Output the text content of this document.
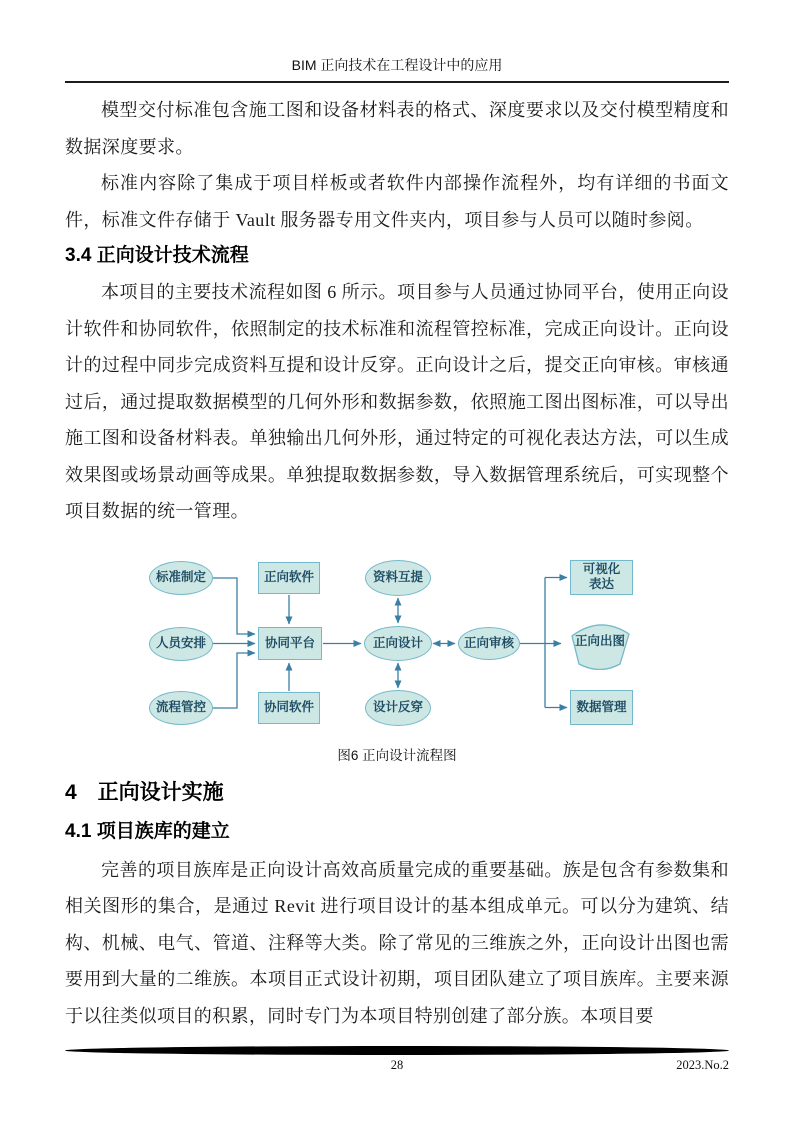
BIM 正向技术在工程设计中的应用

模型交付标准包含施工图和设备材料表的格式、深度要求以及交付模型精度和数据深度要求。

标准内容除了集成于项目样板或者软件内部操作流程外，均有详细的书面文件，标准文件存储于 Vault 服务器专用文件夹内，项目参与人员可以随时参阅。

3.4 正向设计技术流程

本项目的主要技术流程如图 6 所示。项目参与人员通过协同平台，使用正向设计软件和协同软件，依照制定的技术标准和流程管控标准，完成正向设计。正向设计的过程中同步完成资料互提和设计反穿。正向设计之后，提交正向审核。审核通过后，通过提取数据模型的几何外形和数据参数，依照施工图出图标准，可以导出施工图和设备材料表。单独输出几何外形，通过特定的可视化表达方法，可以生成效果图或场景动画等成果。单独提取数据参数，导入数据管理系统后，可实现整个项目数据的统一管理。

标准制定
人员安排
流程管控
正向软件
协同平台
协同软件
资料互提
正向设计
设计反穿
正向审核
可视化
表达
正向出图
数据管理
图6 正向设计流程图
4　正向设计实施
4.1 项目族库的建立

完善的项目族库是正向设计高效高质量完成的重要基础。族是包含有参数集和相关图形的集合，是通过 Revit 进行项目设计的基本组成单元。可以分为建筑、结构、机械、电气、管道、注释等大类。除了常见的三维族之外，正向设计出图也需要用到大量的二维族。本项目正式设计初期，项目团队建立了项目族库。主要来源于以往类似项目的积累，同时专门为本项目特别创建了部分族。本项目要

28	2023.No.2
